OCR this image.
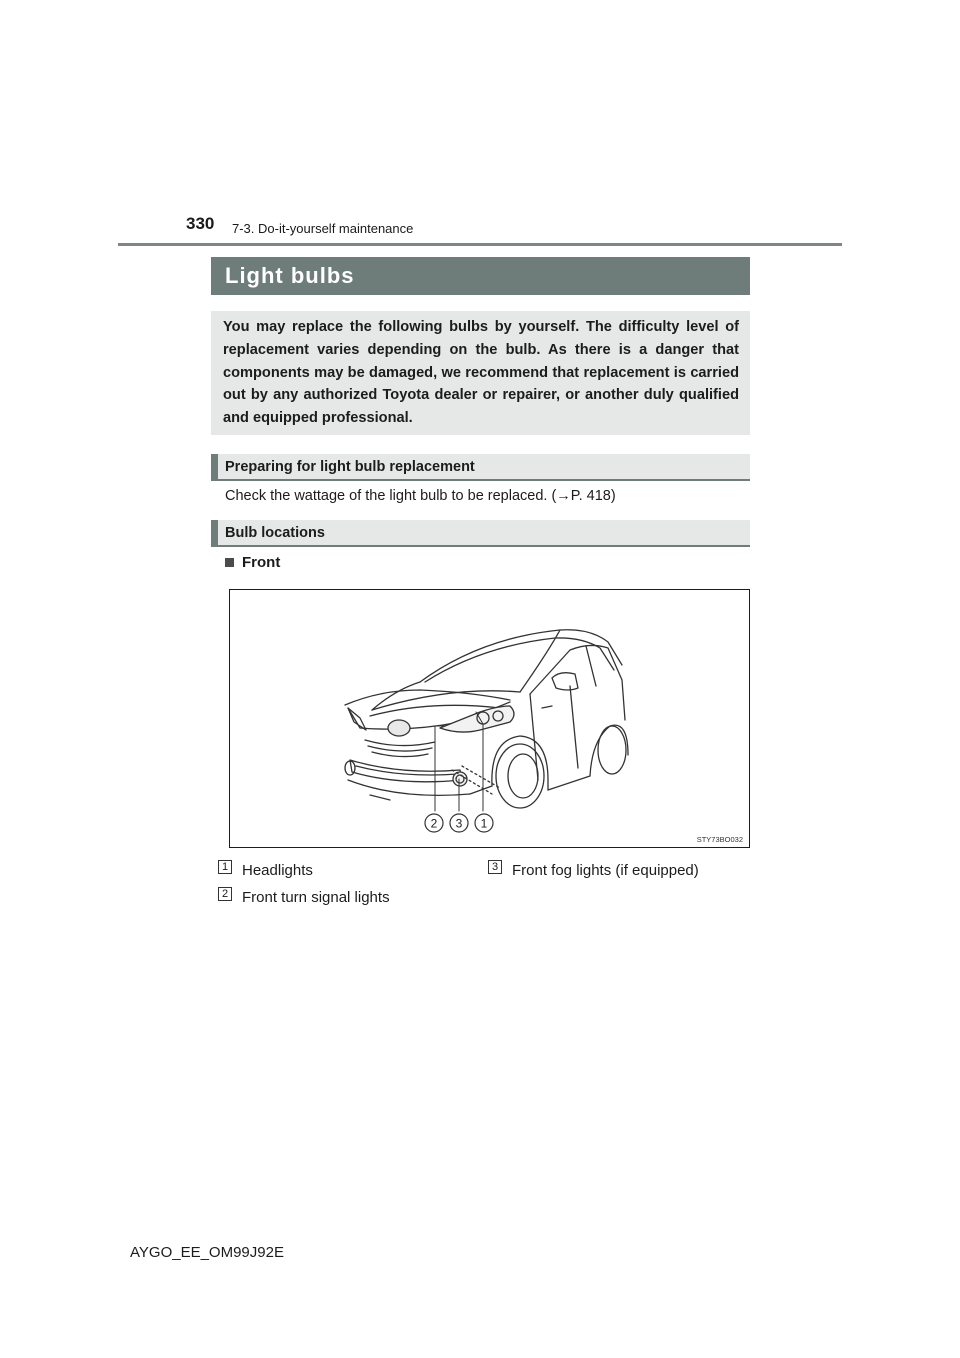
330 7-3. Do-it-yourself maintenance
Light bulbs

You may replace the following bulbs by yourself. The difficulty level of replacement varies depending on the bulb. As there is a danger that components may be damaged, we recommend that replacement is carried out by any authorized Toyota dealer or repairer, or another duly qualified and equipped professional.

Preparing for light bulb replacement
Check the wattage of the light bulb to be replaced. (→P. 418)
Bulb locations
Front
2 3 1
STY73BO032
1 Headlights
2 Front turn signal lights
3 Front fog lights (if equipped)
AYGO_EE_OM99J92E
